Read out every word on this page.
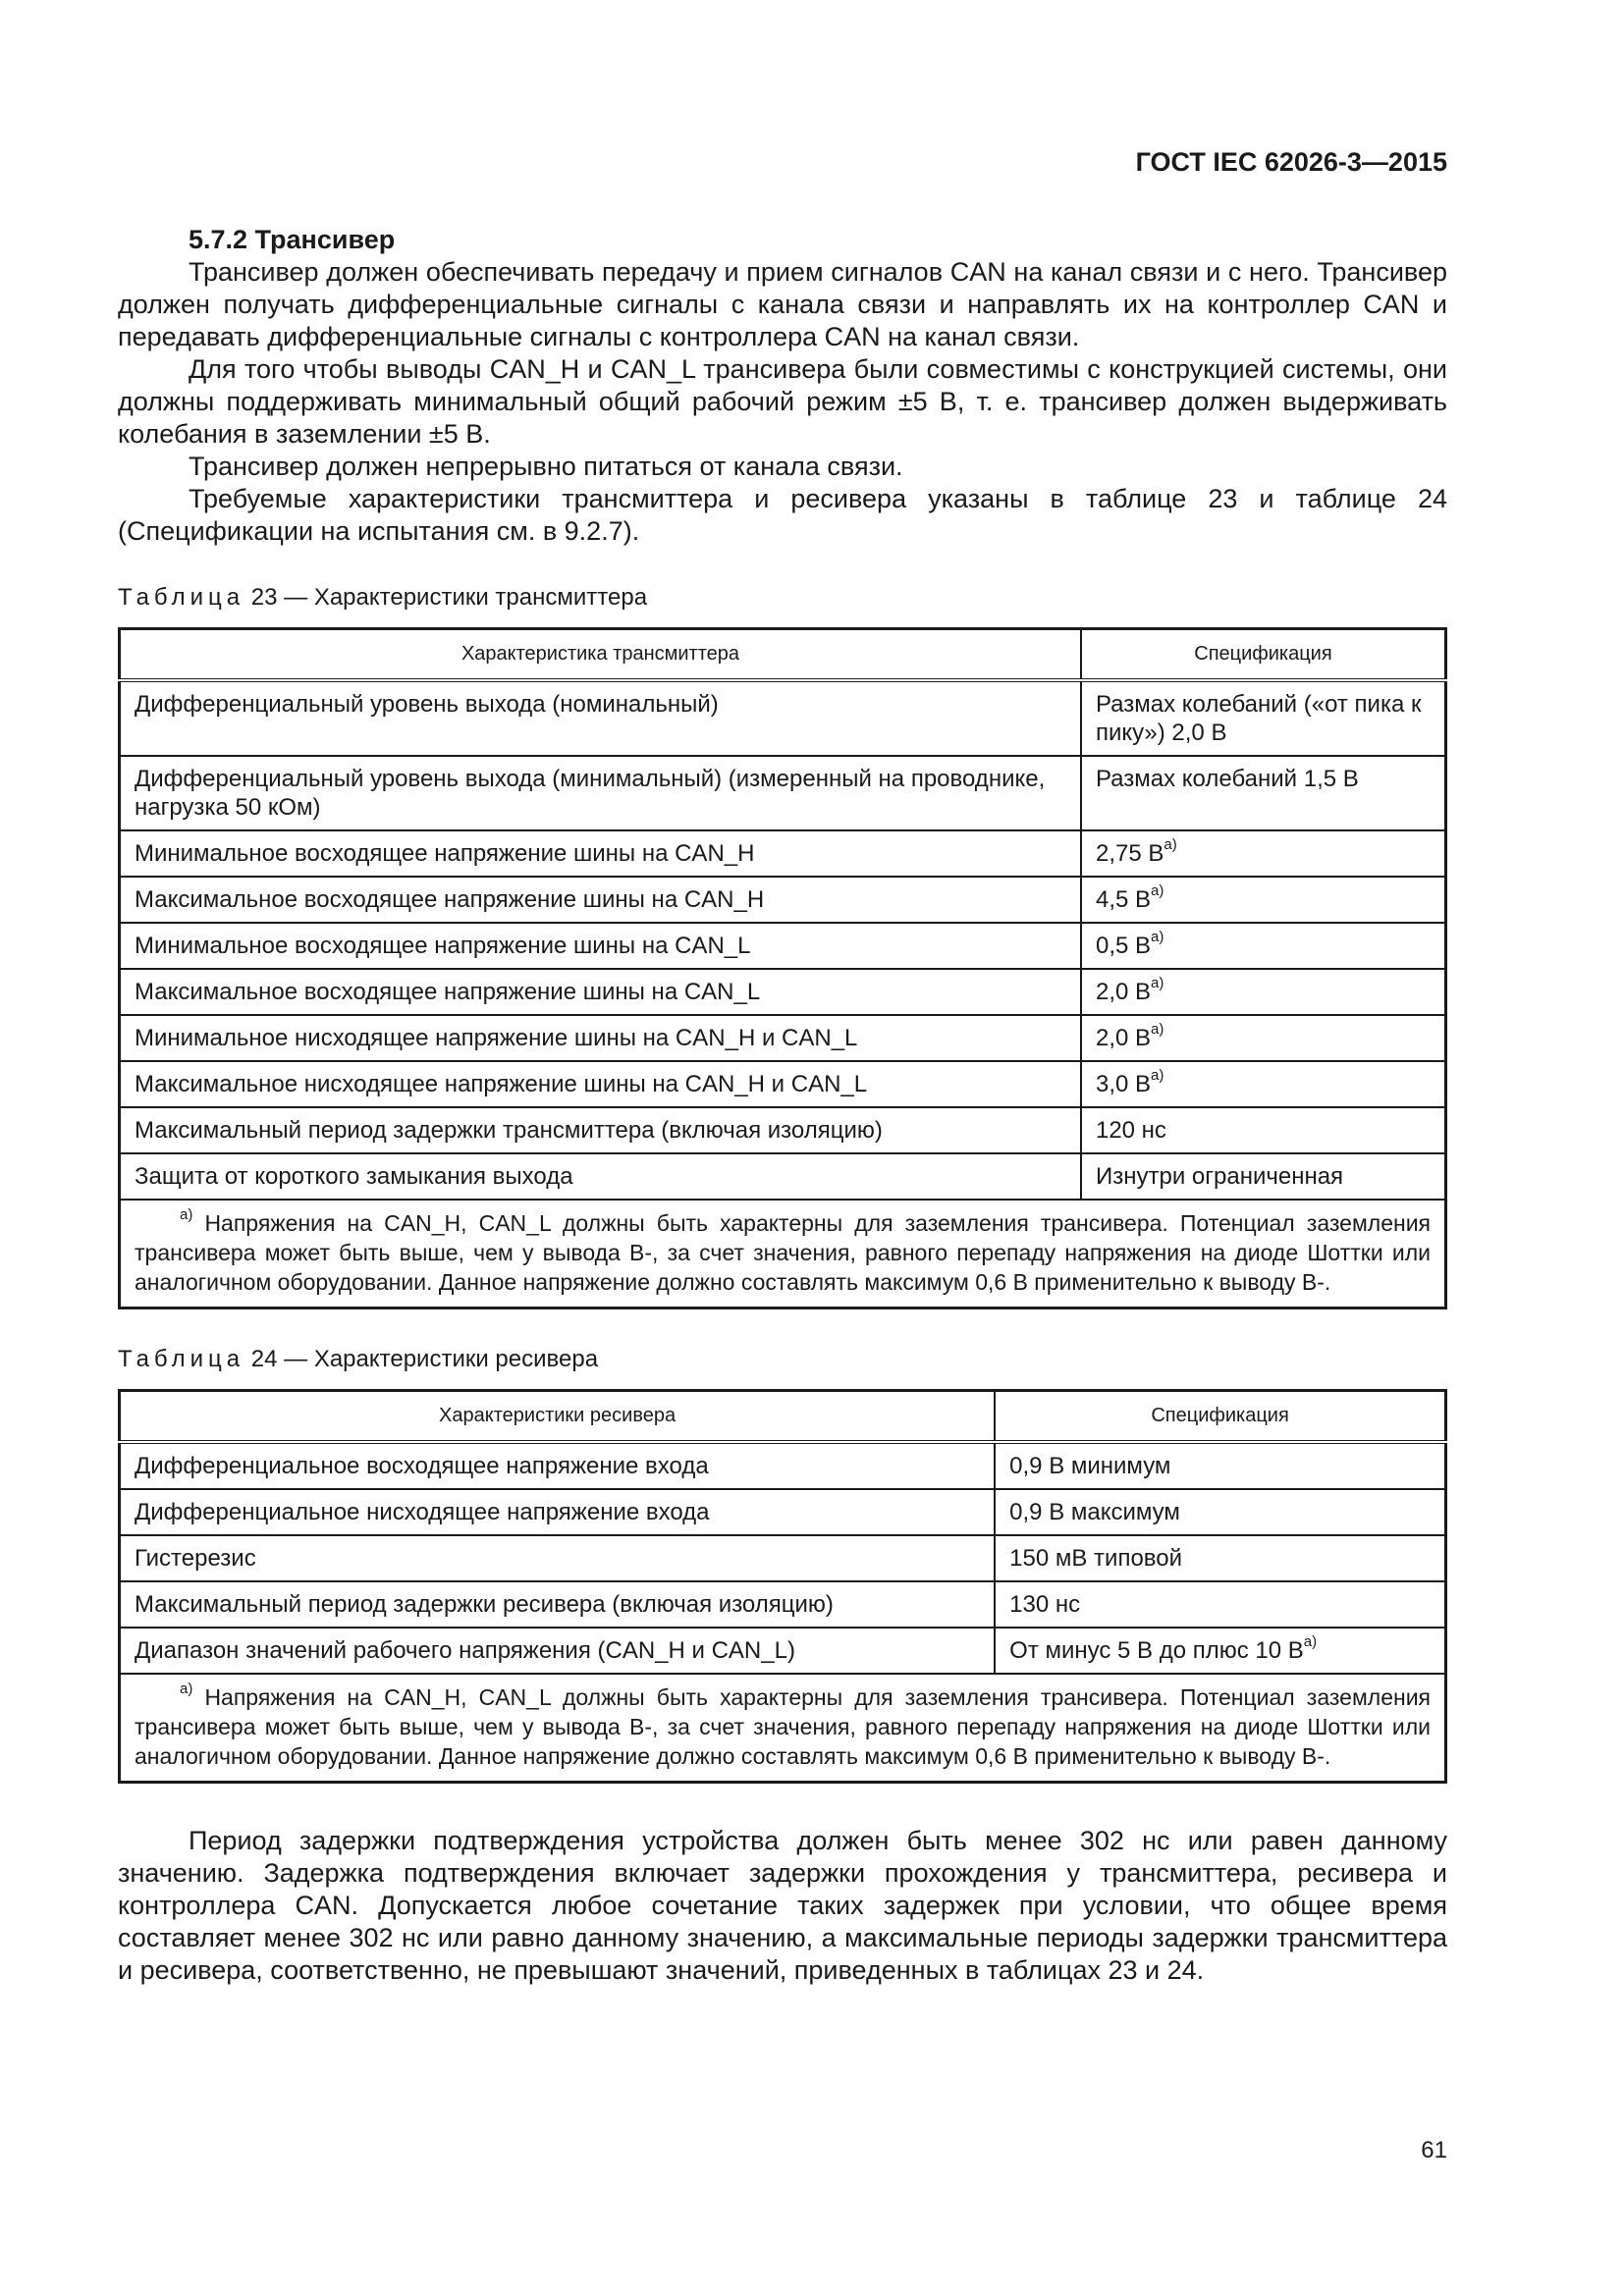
ГОСТ IEC 62026-3—2015

5.7.2 Трансивер

Трансивер должен обеспечивать передачу и прием сигналов CAN на канал связи и с него. Трансивер должен получать дифференциальные сигналы с канала связи и направлять их на контроллер CAN и передавать дифференциальные сигналы с контроллера CAN на канал связи.

Для того чтобы выводы CAN_H и CAN_L трансивера были совместимы с конструкцией системы, они должны поддерживать минимальный общий рабочий режим ±5 В, т. е. трансивер должен выдерживать колебания в заземлении ±5 В.

Трансивер должен непрерывно питаться от канала связи.

Требуемые характеристики трансмиттера и ресивера указаны в таблице 23 и таблице 24 (Спецификации на испытания см. в 9.2.7).

Таблица 23 — Характеристики трансмиттера
Характеристика трансмиттера	Спецификация
Дифференциальный уровень выхода (номинальный)	Размах колебаний («от пика к пику») 2,0 В
Дифференциальный уровень выхода (минимальный) (измеренный на проводнике, нагрузка 50 кОм)	Размах колебаний 1,5 В
Минимальное восходящее напряжение шины на CAN_H	2,75 $В^{а)}$
Максимальное восходящее напряжение шины на CAN_H	4,5 $В^{а)}$
Минимальное восходящее напряжение шины на CAN_L	0,5 $В^{а)}$
Максимальное восходящее напряжение шины на CAN_L	2,0 $В^{а)}$
Минимальное нисходящее напряжение шины на CAN_H и CAN_L	2,0 $В^{а)}$
Максимальное нисходящее напряжение шины на CAN_H и CAN_L	3,0 $В^{а)}$
Максимальный период задержки трансмиттера (включая изоляцию)	120 нс
Защита от короткого замыкания выхода	Изнутри ограниченная
$^{а)}$ Напряжения на CAN_H, CAN_L должны быть характерны для заземления трансивера. Потенциал заземления трансивера может быть выше, чем у вывода В-, за счет значения, равного перепаду напряжения на диоде Шоттки или аналогичном оборудовании. Данное напряжение должно составлять максимум 0,6 В применительно к выводу В-.	
Таблица 24 — Характеристики ресивера
Характеристики ресивера	Спецификация
Дифференциальное восходящее напряжение входа	0,9 В минимум
Дифференциальное нисходящее напряжение входа	0,9 В максимум
Гистерезис	150 мВ типовой
Максимальный период задержки ресивера (включая изоляцию)	130 нс
Диапазон значений рабочего напряжения (CAN_H и CAN_L)	От минус 5 В до плюс 10 $В^{а)}$
$^{а)}$ Напряжения на CAN_H, CAN_L должны быть характерны для заземления трансивера. Потенциал заземления трансивера может быть выше, чем у вывода В-, за счет значения, равного перепаду напряжения на диоде Шоттки или аналогичном оборудовании. Данное напряжение должно составлять максимум 0,6 В применительно к выводу В-.	

Период задержки подтверждения устройства должен быть менее 302 нс или равен данному значению. Задержка подтверждения включает задержки прохождения у трансмиттера, ресивера и контроллера CAN. Допускается любое сочетание таких задержек при условии, что общее время составляет менее 302 нс или равно данному значению, а максимальные периоды задержки трансмиттера и ресивера, соответственно, не превышают значений, приведенных в таблицах 23 и 24.

61
